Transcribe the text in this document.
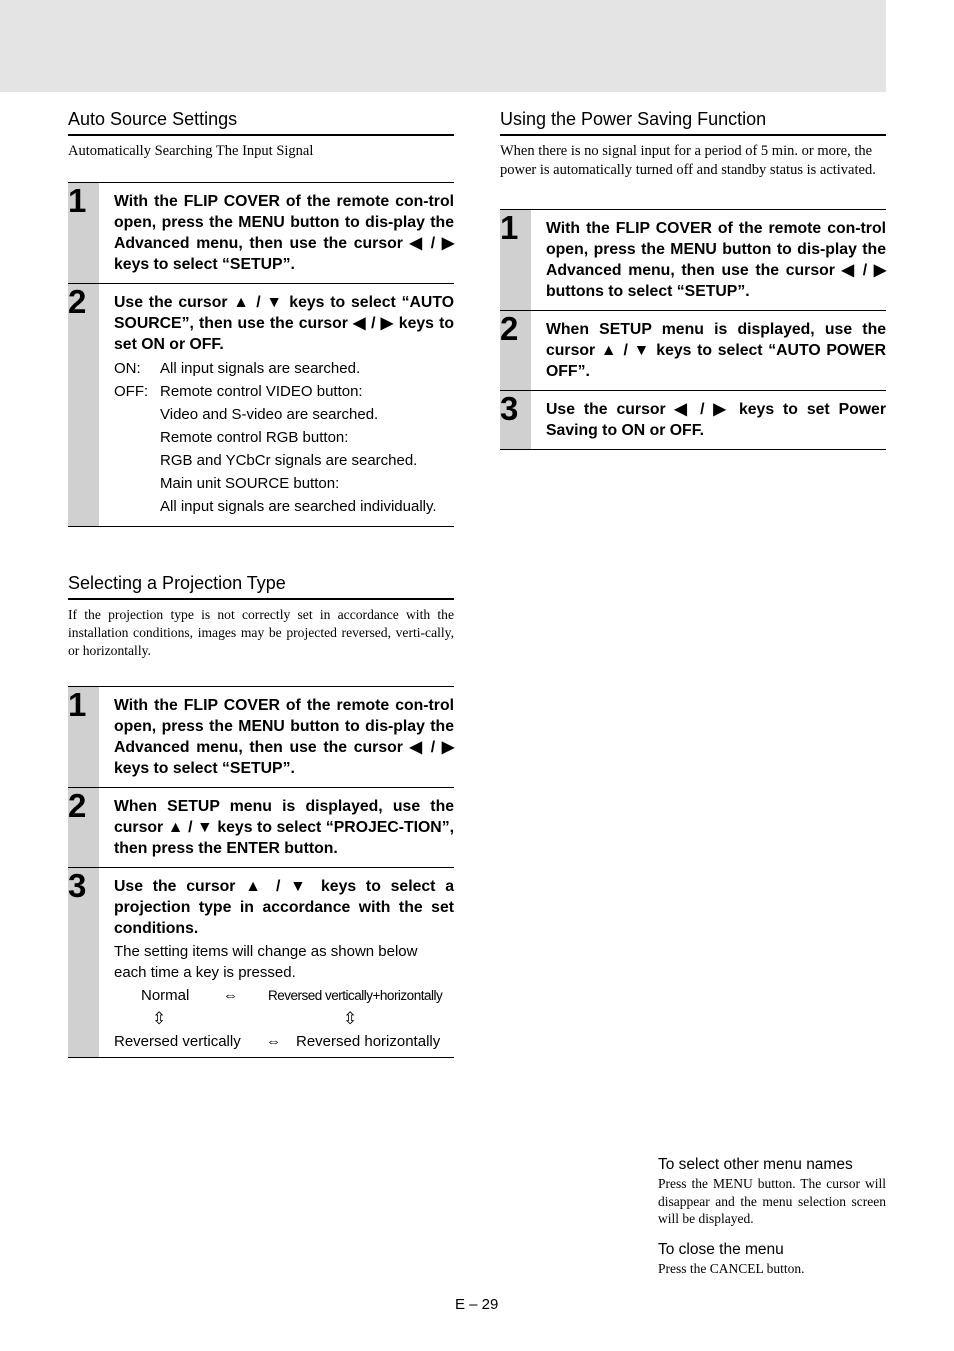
Auto Source Settings
Automatically Searching The Input Signal
1	With the FLIP COVER of the remote con-trol open, press the MENU button to dis-play the Advanced menu, then use the cursor ◀ / ▶ keys to select “SETUP”.
2	Use the cursor ▲ / ▼ keys to select “AUTO SOURCE”, then use the cursor ◀ / ▶ keys to set ON or OFF.
ON:	All input signals are searched.
OFF: Remote control VIDEO button:
Video and S-video are searched.
Remote control RGB button:
RGB and YCbCr signals are searched.
Main unit SOURCE button:
All input signals are searched individually.
Selecting a Projection Type
If the projection type is not correctly set in accordance with the installation conditions, images may be projected reversed, verti-cally, or horizontally.
1	With the FLIP COVER of the remote con-trol open, press the MENU button to dis-play the Advanced menu, then use the cursor ◀ / ▶ keys to select “SETUP”.
2	When SETUP menu is displayed, use the cursor ▲ / ▼ keys to select “PROJEC-TION”, then press the ENTER button.
3	Use the cursor ▲ / ▼ keys to select a projection type in accordance with the set conditions.
The setting items will change as shown below each time a key is pressed.
Normal ⇔ Reversed vertically+horizontally
⇳	⇳
Reversed vertically ⇔ Reversed horizontally
Using the Power Saving Function
When there is no signal input for a period of 5 min. or more, the power is automatically turned off and standby status is activated.
1	With the FLIP COVER of the remote con-trol open, press the MENU button to dis-play the Advanced menu, then use the cursor ◀ / ▶ buttons to select “SETUP”.
2	When SETUP menu is displayed, use the cursor ▲ / ▼ keys to select “AUTO POWER OFF”.
3	Use the cursor ◀ / ▶ keys to set Power Saving to ON or OFF.
To select other menu names
Press the MENU button. The cursor will disappear and the menu selection screen will be displayed.
To close the menu
Press the CANCEL button.
E – 29
